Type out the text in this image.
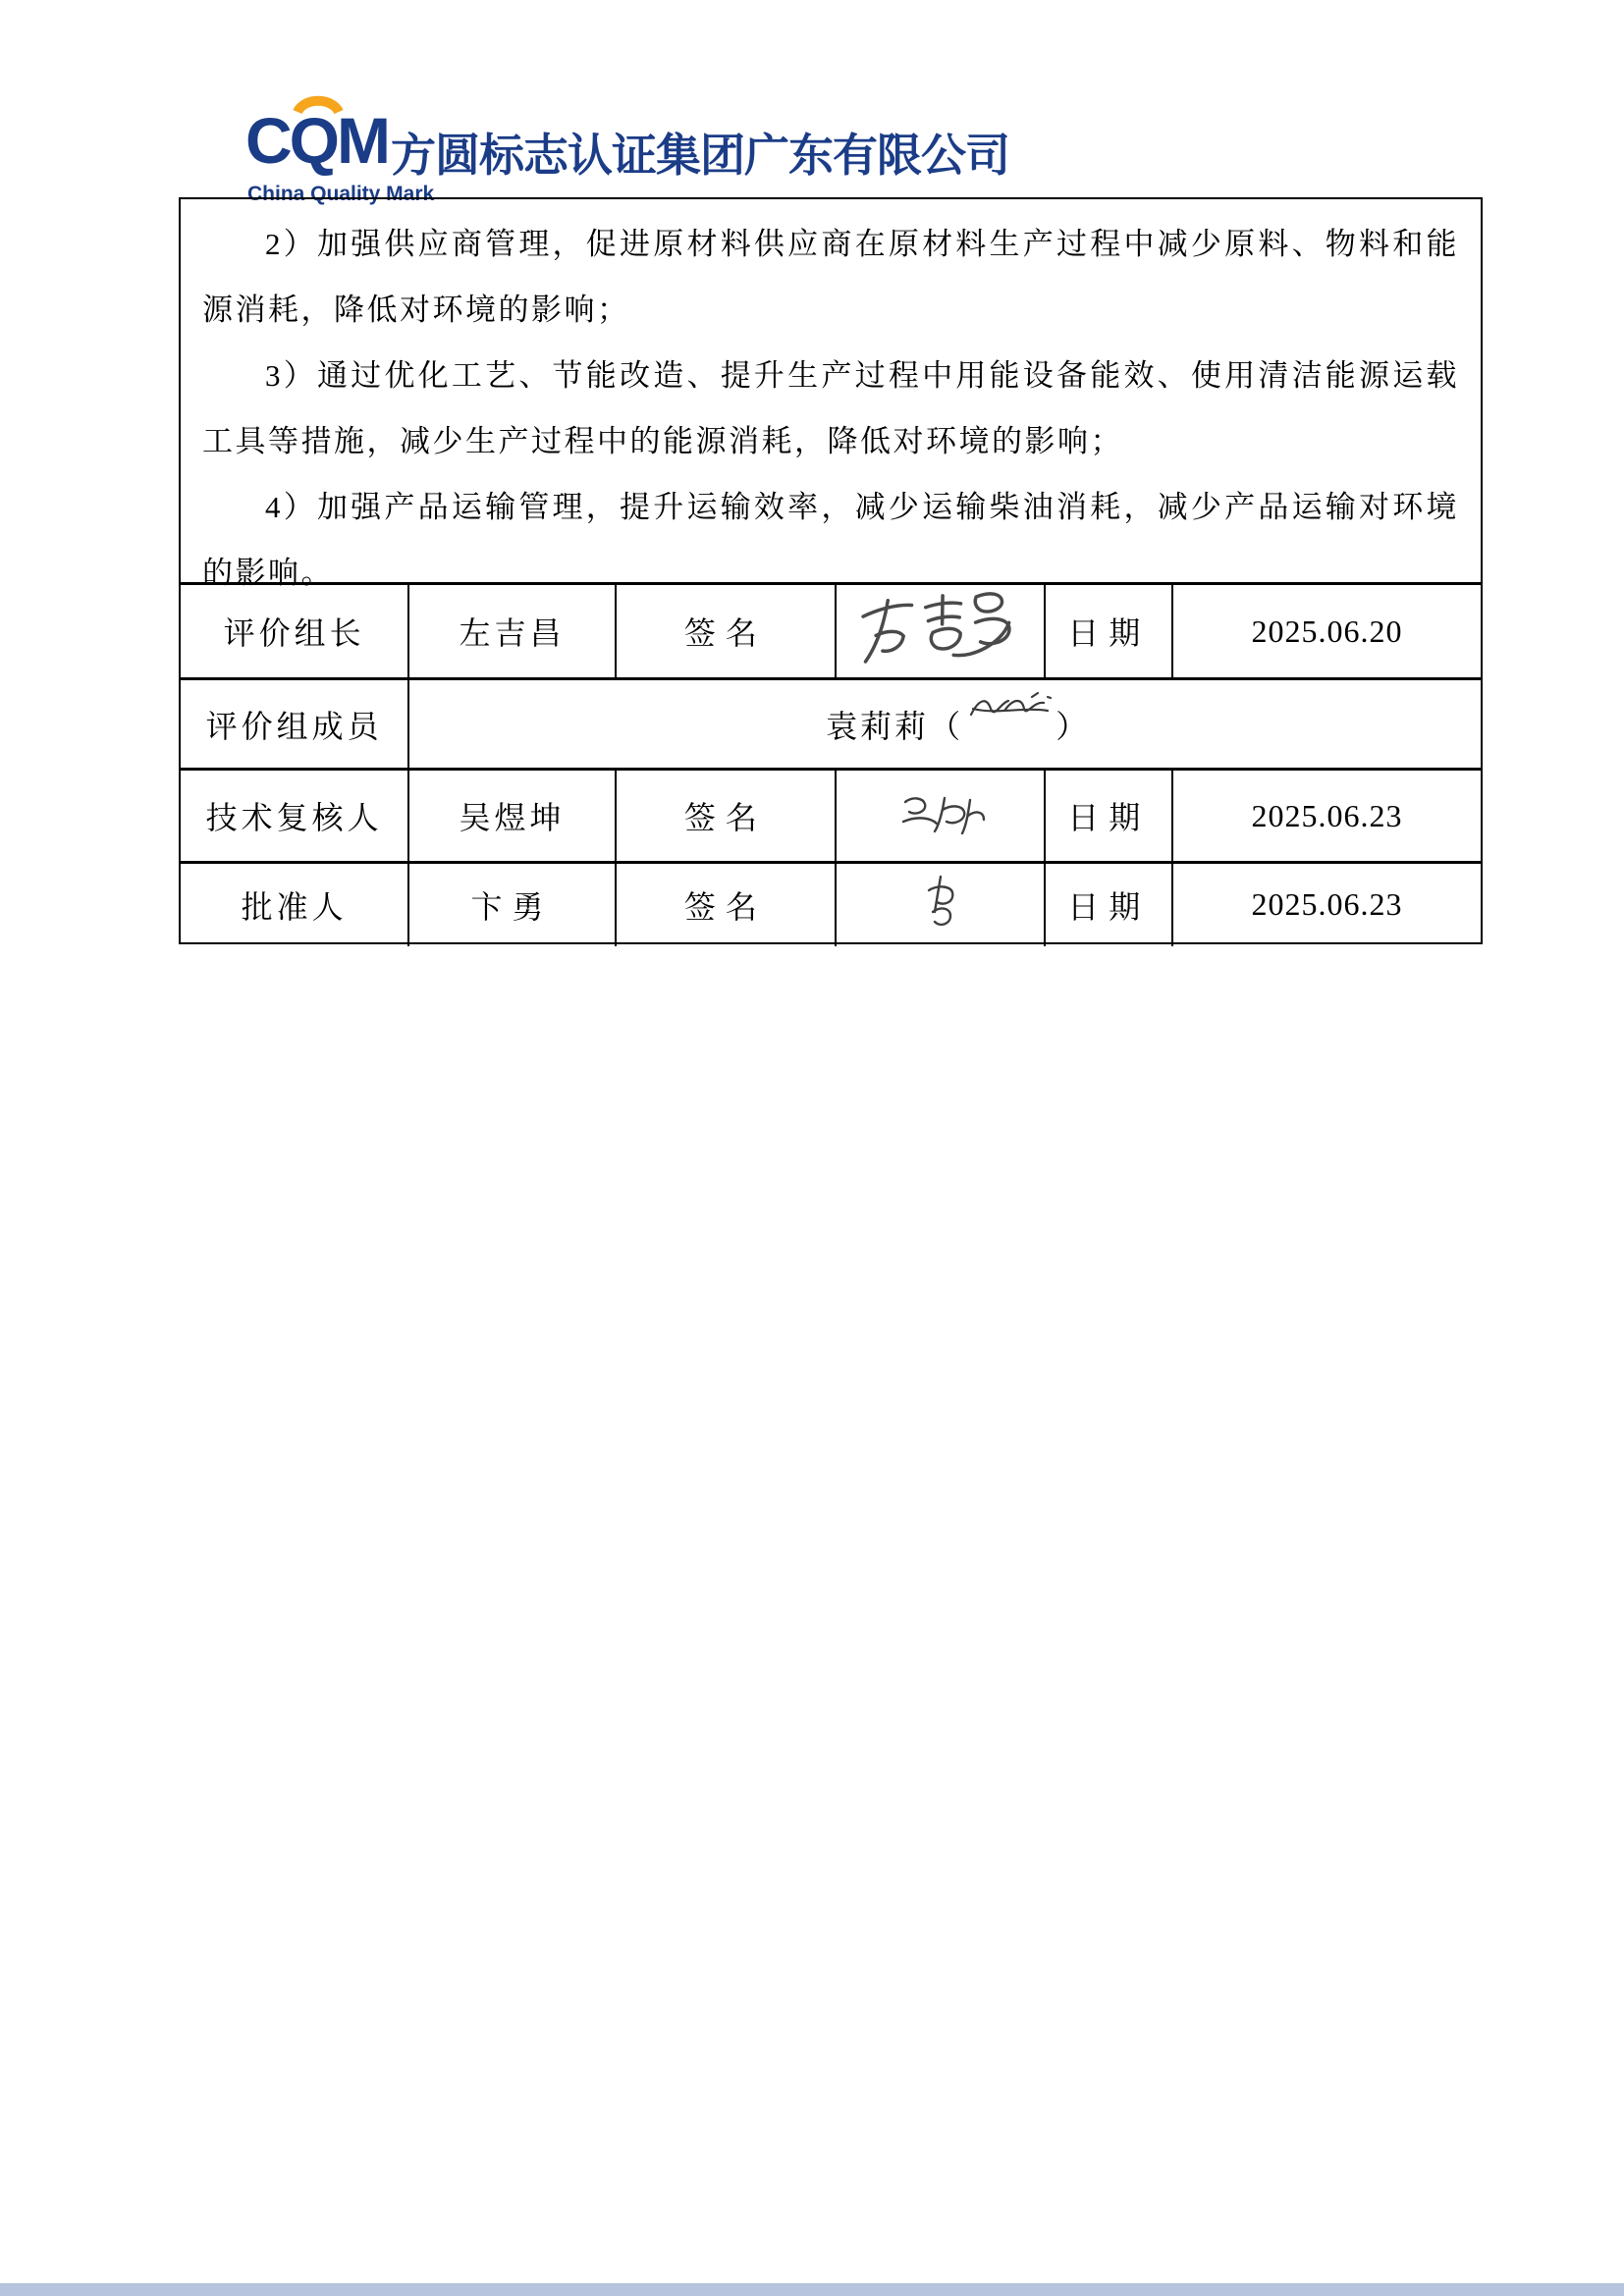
CQM
China Quality Mark
方圆标志认证集团广东有限公司

2）加强供应商管理，促进原材料供应商在原材料生产过程中减少原料、物料和能源消耗，降低对环境的影响；

3）通过优化工艺、节能改造、提升生产过程中用能设备能效、使用清洁能源运载工具等措施，减少生产过程中的能源消耗，降低对环境的影响；

4）加强产品运输管理，提升运输效率，减少运输柴油消耗，减少产品运输对环境的影响。

评价组长	左吉昌	签名		日期	2025.06.20
评价组成员	袁莉莉 （ ）				

技术复核人	吴煜坤	签名		日期	2025.06.23
批准人	卞勇	签名		日期	2025.06.23
